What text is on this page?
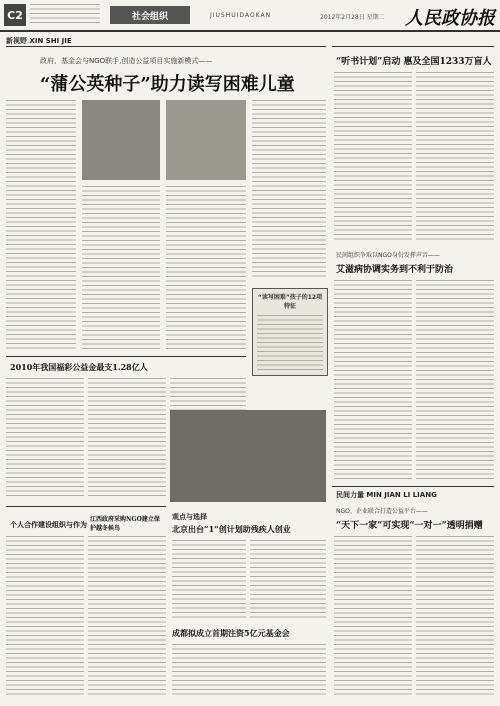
C2	社会组织	JIUSHUIDAOKAN	2012年2月28日 星期二 人民政协报
新视野 XIN SHI JIE
政府、基金会与NGO联手,创造公益项目实施新模式——
“蒲公英种子”助力读写困难儿童
“读写困难”孩子的12项特征
“听书计划”启动 惠及全国1233万盲人
民间组织争取以NGO身份发挥声音——
艾滋病协调实务到不利于防治
2010年我国福彩公益金最支1.28亿人
个人合作建设组织与作为
江西政府采购NGO建立保护越冬候鸟
观点与选择
北京出台“1”创计划助残疾人创业
成都拟成立首期注资5亿元基金会
民间力量 MIN JIAN LI LIANG
NGO、企业联合打造公益平台——
“天下一家”可实现“一对一”透明捐赠
